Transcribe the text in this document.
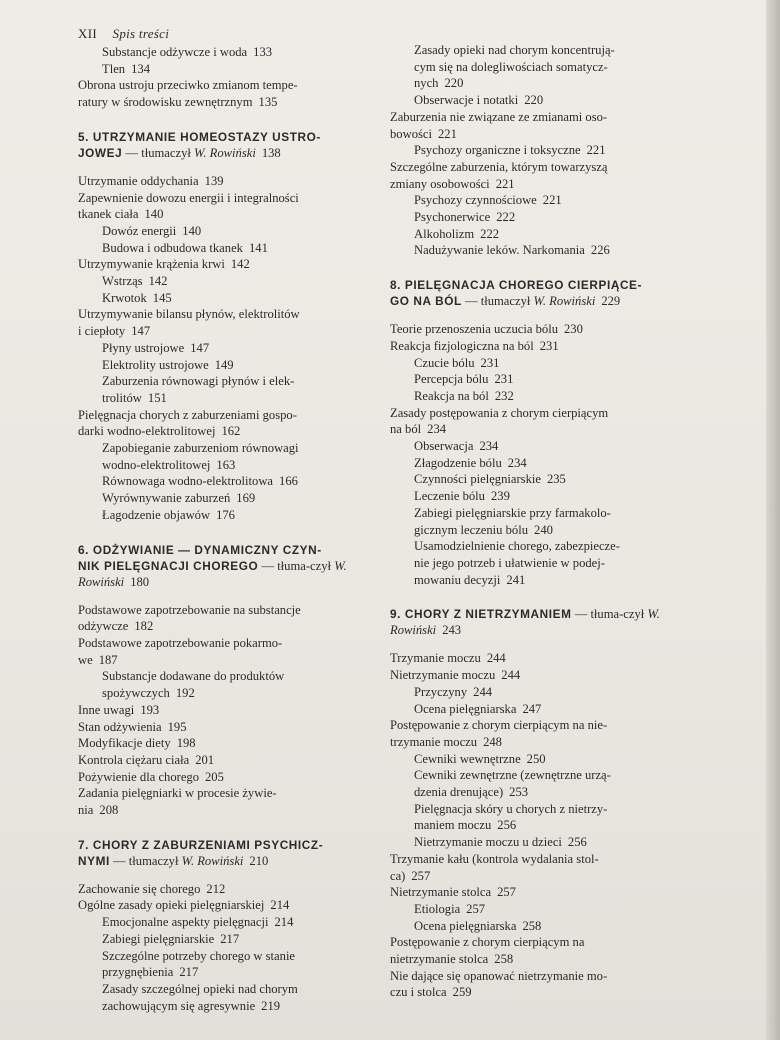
XII Spis treści
Substancje odżywcze i woda 133
Tlen 134
Obrona ustroju przeciwko zmianom tempe-
ratury w środowisku zewnętrznym 135
5. UTRZYMANIE HOMEOSTAZY USTRO-
JOWEJ — tłumaczył W. Rowiński 138
Utrzymanie oddychania 139
Zapewnienie dowozu energii i integralności
tkanek ciała 140
Dowóz energii 140
Budowa i odbudowa tkanek 141
Utrzymywanie krążenia krwi 142
Wstrząs 142
Krwotok 145
Utrzymywanie bilansu płynów, elektrolitów
i ciepłoty 147
Płyny ustrojowe 147
Elektrolity ustrojowe 149
Zaburzenia równowagi płynów i elek-
trolitów 151
Pielęgnacja chorych z zaburzeniami gospo-
darki wodno-elektrolitowej 162
Zapobieganie zaburzeniom równowagi
wodno-elektrolitowej 163
Równowaga wodno-elektrolitowa 166
Wyrównywanie zaburzeń 169
Łagodzenie objawów 176
6. ODŻYWIANIE — DYNAMICZNY CZYN-
NIK PIELĘGNACJI CHOREGO — tłuma-czył W. Rowiński 180
Podstawowe zapotrzebowanie na substancje
odżywcze 182
Podstawowe zapotrzebowanie pokarmo-
we 187
Substancje dodawane do produktów
spożywczych 192
Inne uwagi 193
Stan odżywienia 195
Modyfikacje diety 198
Kontrola ciężaru ciała 201
Pożywienie dla chorego 205
Zadania pielęgniarki w procesie żywie-
nia 208
7. CHORY Z ZABURZENIAMI PSYCHICZ-
NYMI — tłumaczył W. Rowiński 210
Zachowanie się chorego 212
Ogólne zasady opieki pielęgniarskiej 214
Emocjonalne aspekty pielęgnacji 214
Zabiegi pielęgniarskie 217
Szczególne potrzeby chorego w stanie
przygnębienia 217
Zasady szczególnej opieki nad chorym
zachowującym się agresywnie 219
Zasady opieki nad chorym koncentrują-
cym się na dolegliwościach somatycz-
nych 220
Obserwacje i notatki 220
Zaburzenia nie związane ze zmianami oso-
bowości 221
Psychozy organiczne i toksyczne 221
Szczególne zaburzenia, którym towarzyszą
zmiany osobowości 221
Psychozy czynnościowe 221
Psychonerwice 222
Alkoholizm 222
Nadużywanie leków. Narkomania 226
8. PIELĘGNACJA CHOREGO CIERPIĄCE-
GO NA BÓL — tłumaczył W. Rowiński 229
Teorie przenoszenia uczucia bólu 230
Reakcja fizjologiczna na ból 231
Czucie bólu 231
Percepcja bólu 231
Reakcja na ból 232
Zasady postępowania z chorym cierpiącym
na ból 234
Obserwacja 234
Złagodzenie bólu 234
Czynności pielęgniarskie 235
Leczenie bólu 239
Zabiegi pielęgniarskie przy farmakolo-
gicznym leczeniu bólu 240
Usamodzielnienie chorego, zabezpiecze-
nie jego potrzeb i ułatwienie w podej-
mowaniu decyzji 241
9. CHORY Z NIETRZYMANIEM — tłuma-czył W. Rowiński 243
Trzymanie moczu 244
Nietrzymanie moczu 244
Przyczyny 244
Ocena pielęgniarska 247
Postępowanie z chorym cierpiącym na nie-
trzymanie moczu 248
Cewniki wewnętrzne 250
Cewniki zewnętrzne (zewnętrzne urzą-
dzenia drenujące) 253
Pielęgnacja skóry u chorych z nietrzy-
maniem moczu 256
Nietrzymanie moczu u dzieci 256
Trzymanie kału (kontrola wydalania stol-
ca) 257
Nietrzymanie stolca 257
Etiologia 257
Ocena pielęgniarska 258
Postępowanie z chorym cierpiącym na
nietrzymanie stolca 258
Nie dające się opanować nietrzymanie mo-
czu i stolca 259
